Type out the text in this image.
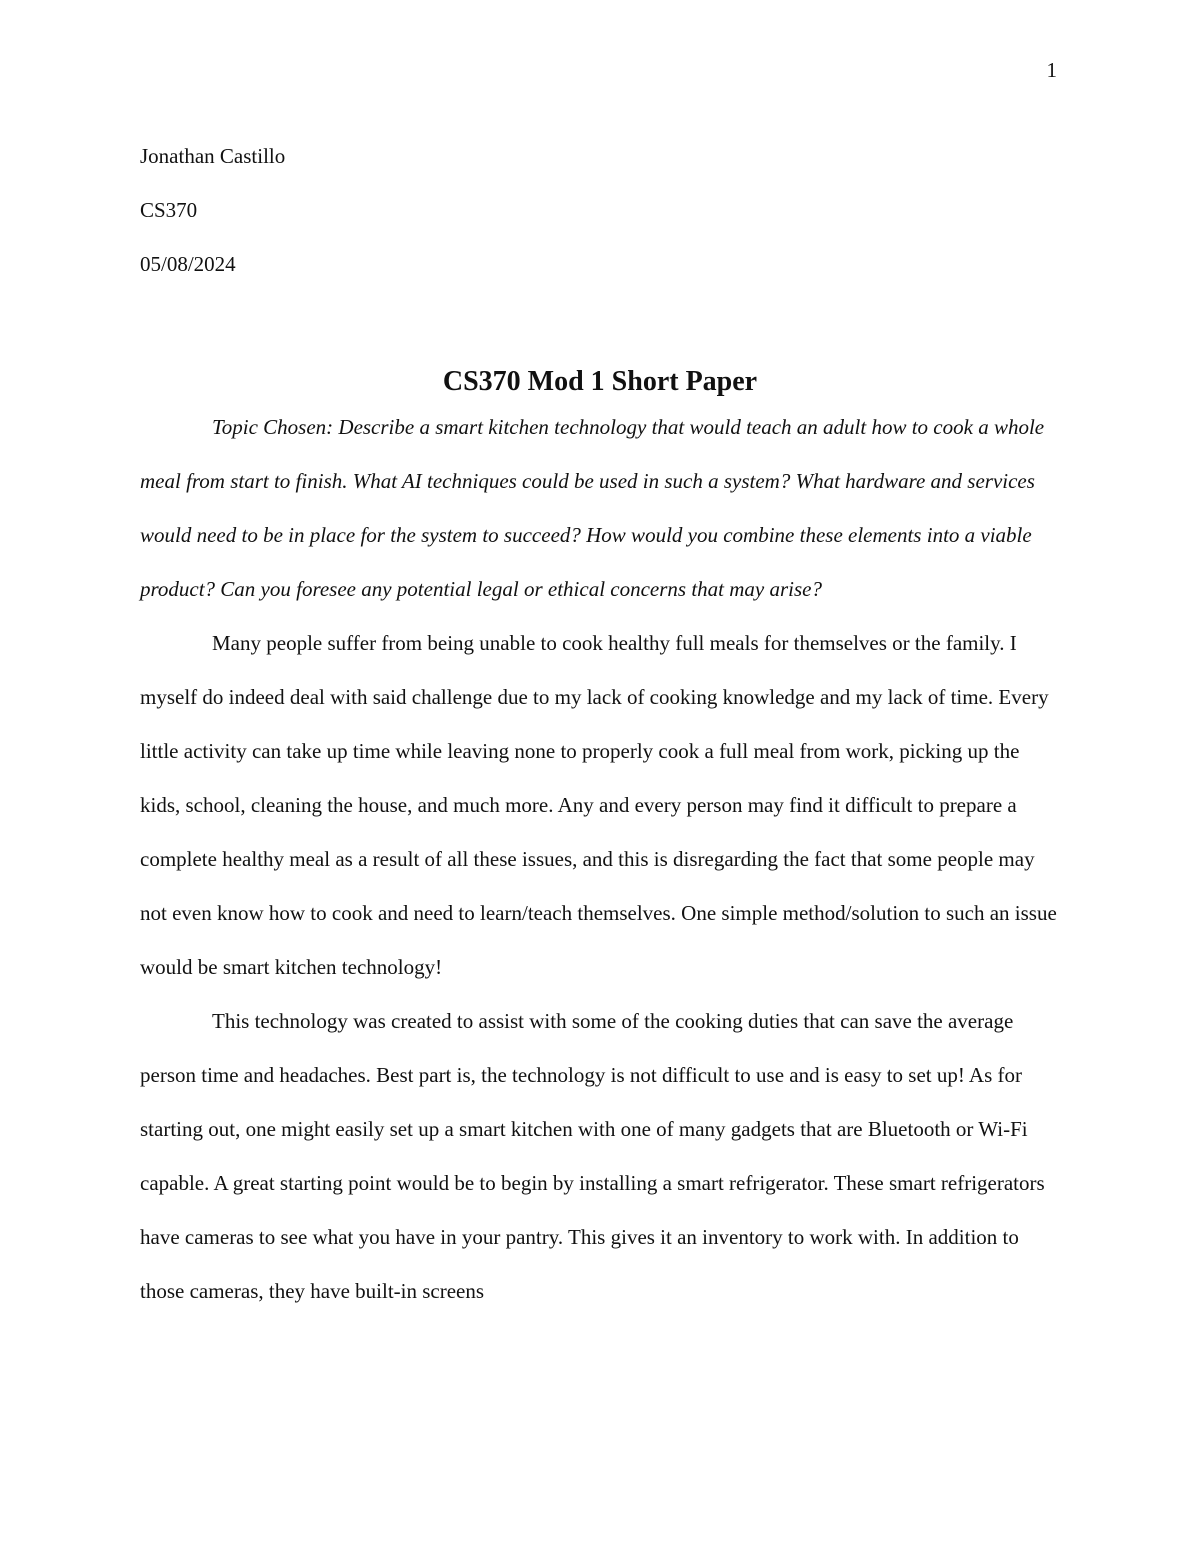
1
Jonathan Castillo
CS370
05/08/2024
CS370 Mod 1 Short Paper

Topic Chosen: Describe a smart kitchen technology that would teach an adult how to cook a whole meal from start to finish. What AI techniques could be used in such a system? What hardware and services would need to be in place for the system to succeed? How would you combine these elements into a viable product? Can you foresee any potential legal or ethical concerns that may arise?

Many people suffer from being unable to cook healthy full meals for themselves or the family. I myself do indeed deal with said challenge due to my lack of cooking knowledge and my lack of time. Every little activity can take up time while leaving none to properly cook a full meal from work, picking up the kids, school, cleaning the house, and much more. Any and every person may find it difficult to prepare a complete healthy meal as a result of all these issues, and this is disregarding the fact that some people may not even know how to cook and need to learn/teach themselves. One simple method/solution to such an issue would be smart kitchen technology!

This technology was created to assist with some of the cooking duties that can save the average person time and headaches. Best part is, the technology is not difficult to use and is easy to set up! As for starting out, one might easily set up a smart kitchen with one of many gadgets that are Bluetooth or Wi-Fi capable. A great starting point would be to begin by installing a smart refrigerator. These smart refrigerators have cameras to see what you have in your pantry. This gives it an inventory to work with. In addition to those cameras, they have built-in screens
